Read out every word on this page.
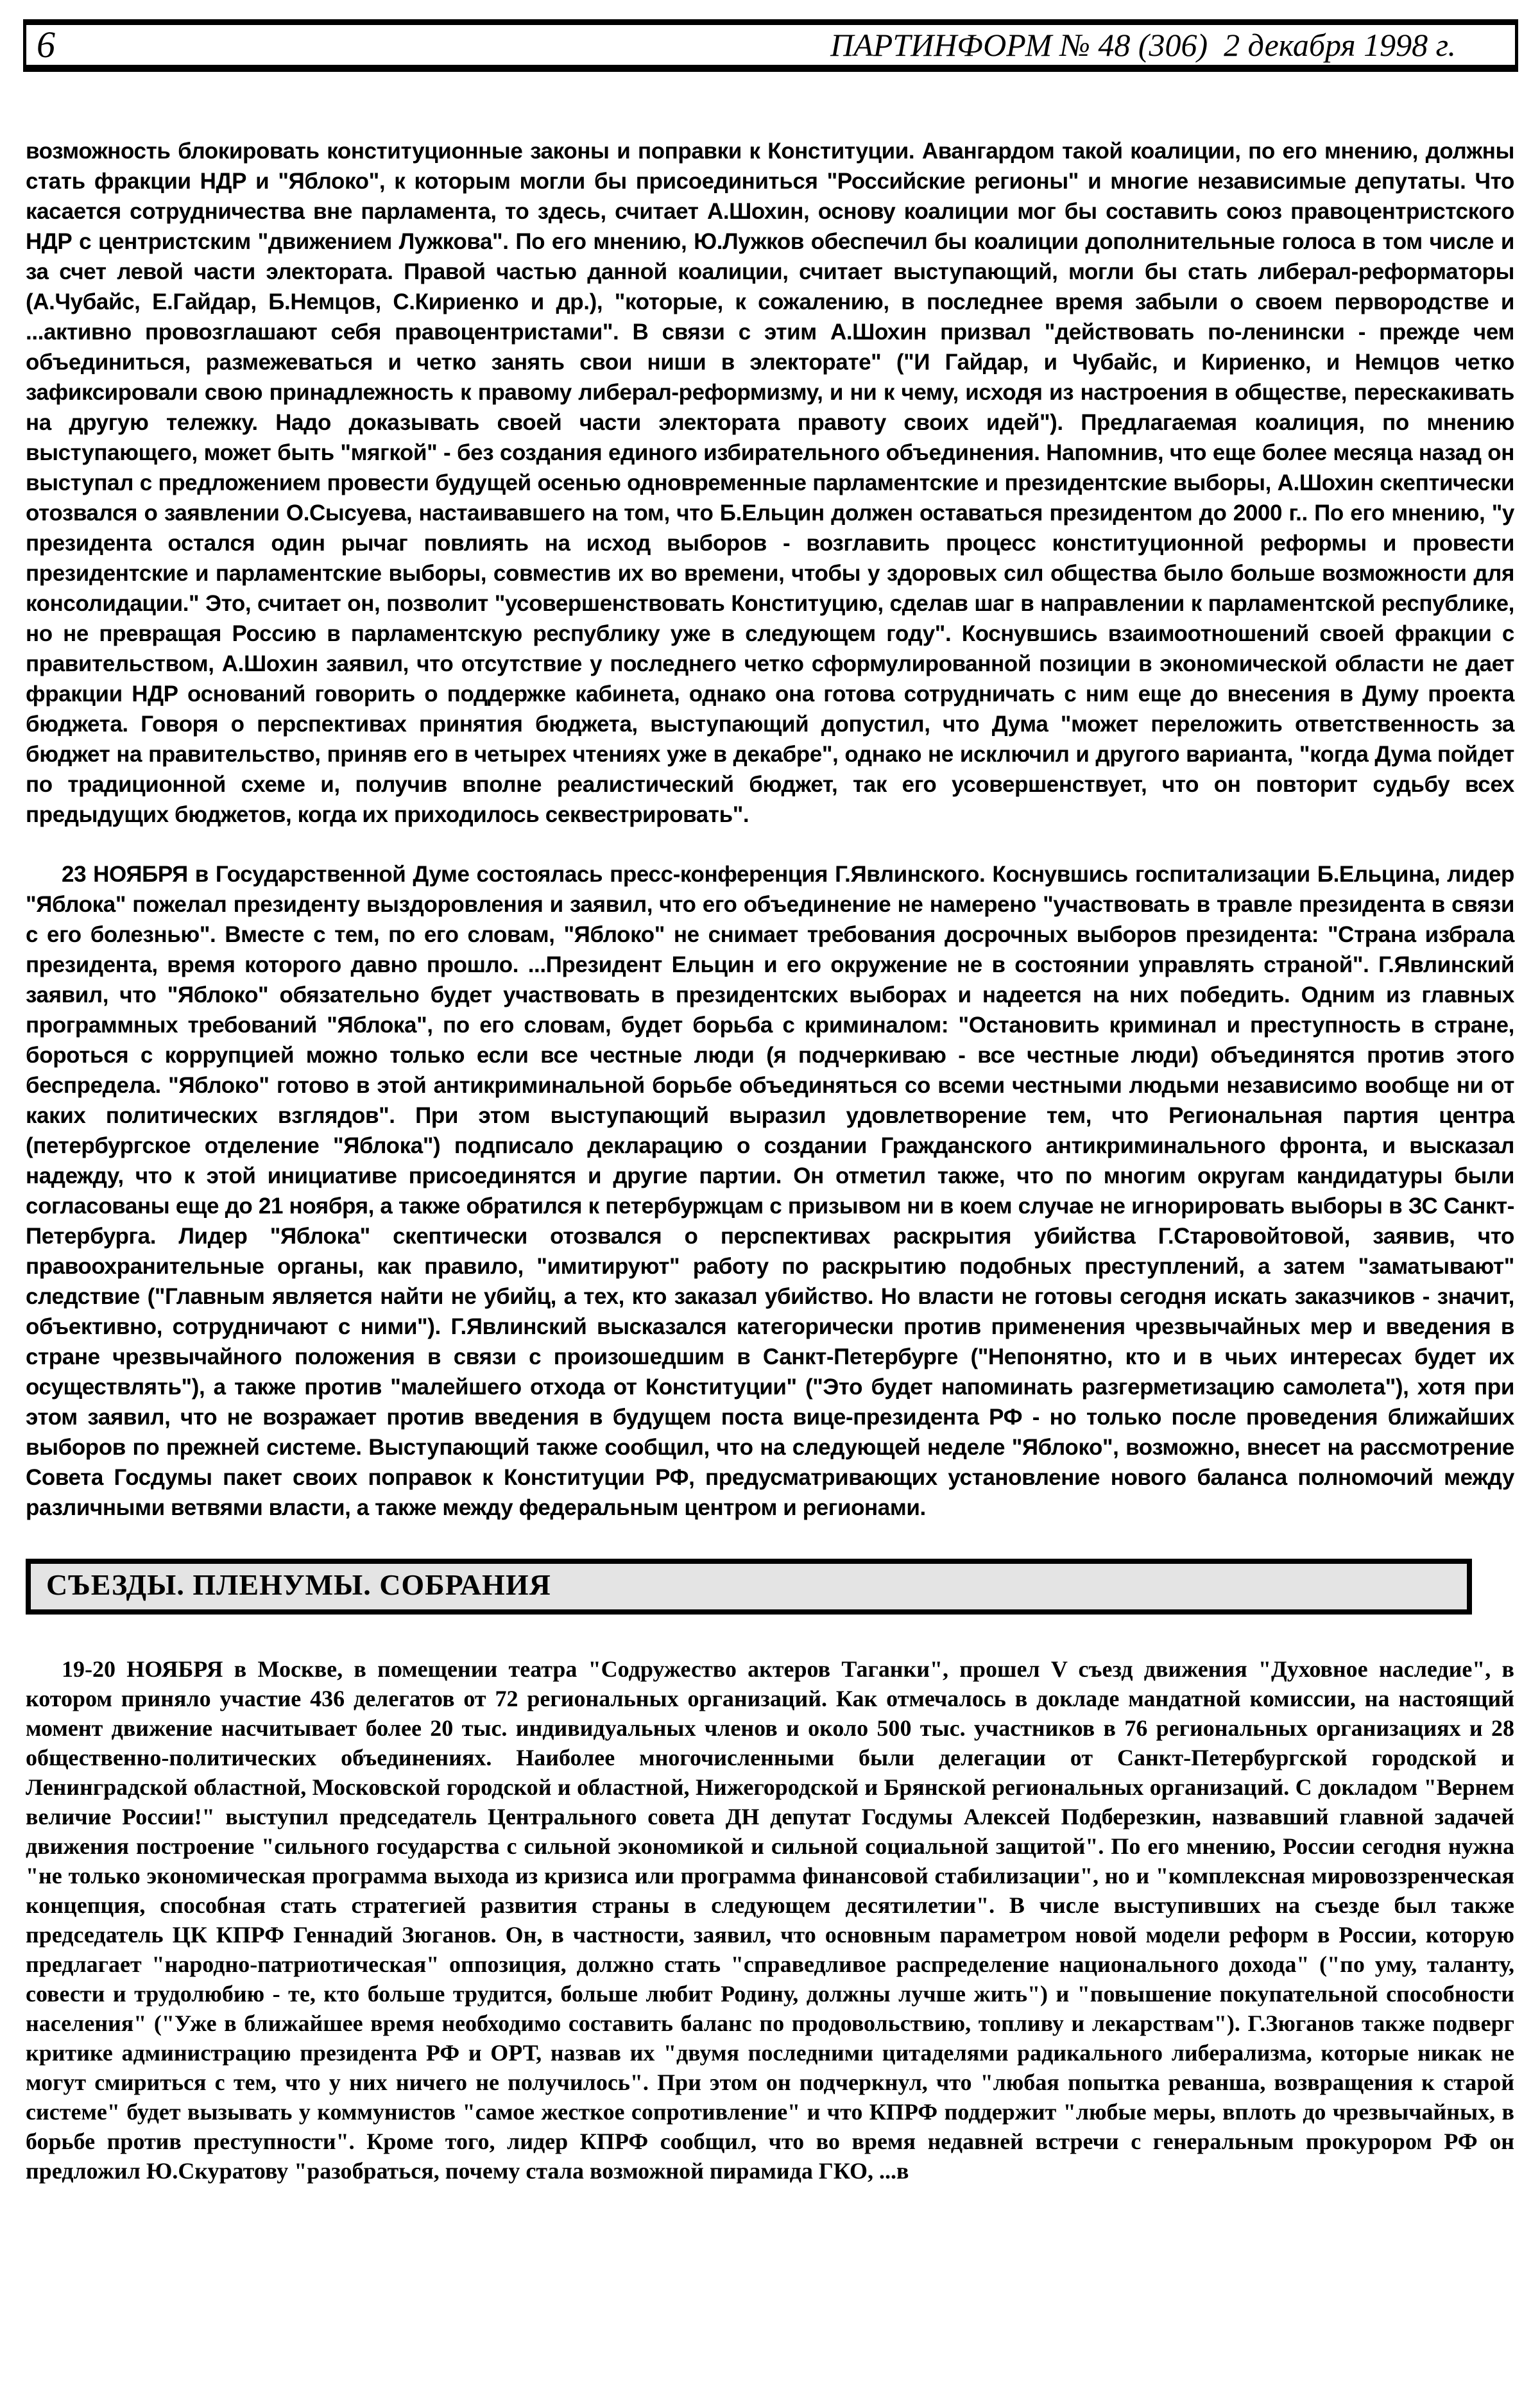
6	ПАРТИНФОРМ № 48 (306)  2 декабря 1998 г.

возможность блокировать конституционные законы и поправки к Конституции. Авангардом такой коалиции, по его мнению, должны стать фракции НДР и "Яблоко", к которым могли бы присоединиться "Российские регионы" и многие независимые депутаты. Что касается сотрудничества вне парламента, то здесь, считает А.Шохин, основу коалиции мог бы составить союз правоцентристского НДР с центристским "движением Лужкова". По его мнению, Ю.Лужков обеспечил бы коалиции дополнительные голоса в том числе и за счет левой части электората. Правой частью данной коалиции, считает выступающий, могли бы стать либерал-реформаторы (А.Чубайс, Е.Гайдар, Б.Немцов, С.Кириенко и др.), "которые, к сожалению, в последнее время забыли о своем первородстве и ...активно провозглашают себя правоцентристами". В связи с этим А.Шохин призвал "действовать по-ленински - прежде чем объединиться, размежеваться и четко занять свои ниши в электорате" ("И Гайдар, и Чубайс, и Кириенко, и Немцов четко зафиксировали свою принадлежность к правому либерал-реформизму, и ни к чему, исходя из настроения в обществе, перескакивать на другую тележку. Надо доказывать своей части электората правоту своих идей"). Предлагаемая коалиция, по мнению выступающего, может быть "мягкой" - без создания единого избирательного объединения. Напомнив, что еще более месяца назад он выступал с предложением провести будущей осенью одновременные парламентские и президентские выборы, А.Шохин скептически отозвался о заявлении О.Сысуева, настаивавшего на том, что Б.Ельцин должен оставаться президентом до 2000 г.. По его мнению, "у президента остался один рычаг повлиять на исход выборов - возглавить процесс конституционной реформы и провести президентские и парламентские выборы, совместив их во времени, чтобы у здоровых сил общества было больше возможности для консолидации." Это, считает он, позволит "усовершенствовать Конституцию, сделав шаг в направлении к парламентской республике, но не превращая Россию в парламентскую республику уже в следующем году". Коснувшись взаимоотношений своей фракции с правительством, А.Шохин заявил, что отсутствие у последнего четко сформулированной позиции в экономической области не дает фракции НДР оснований говорить о поддержке кабинета, однако она готова сотрудничать с ним еще до внесения в Думу проекта бюджета. Говоря о перспективах принятия бюджета, выступающий допустил, что Дума "может переложить ответственность за бюджет на правительство, приняв его в четырех чтениях уже в декабре", однако не исключил и другого варианта, "когда Дума пойдет по традиционной схеме и, получив вполне реалистический бюджет, так его усовершенствует, что он повторит судьбу всех предыдущих бюджетов, когда их приходилось секвестрировать".

23 НОЯБРЯ в Государственной Думе состоялась пресс-конференция Г.Явлинского. Коснувшись госпитализации Б.Ельцина, лидер "Яблока" пожелал президенту выздоровления и заявил, что его объединение не намерено "участвовать в травле президента в связи с его болезнью". Вместе с тем, по его словам, "Яблоко" не снимает требования досрочных выборов президента: "Страна избрала президента, время которого давно прошло. ...Президент Ельцин и его окружение не в состоянии управлять страной". Г.Явлинский заявил, что "Яблоко" обязательно будет участвовать в президентских выборах и надеется на них победить. Одним из главных программных требований "Яблока", по его словам, будет борьба с криминалом: "Остановить криминал и преступность в стране, бороться с коррупцией можно только если все честные люди (я подчеркиваю - все честные люди) объединятся против этого беспредела. "Яблоко" готово в этой антикриминальной борьбе объединяться со всеми честными людьми независимо вообще ни от каких политических взглядов". При этом выступающий выразил удовлетворение тем, что Региональная партия центра (петербургское отделение "Яблока") подписало декларацию о создании Гражданского антикриминального фронта, и высказал надежду, что к этой инициативе присоединятся и другие партии. Он отметил также, что по многим округам кандидатуры были согласованы еще до 21 ноября, а также обратился к петербуржцам с призывом ни в коем случае не игнорировать выборы в ЗС Санкт-Петербурга. Лидер "Яблока" скептически отозвался о перспективах раскрытия убийства Г.Старовойтовой, заявив, что правоохранительные органы, как правило, "имитируют" работу по раскрытию подобных преступлений, а затем "заматывают" следствие ("Главным является найти не убийц, а тех, кто заказал убийство. Но власти не готовы сегодня искать заказчиков - значит, объективно, сотрудничают с ними"). Г.Явлинский высказался категорически против применения чрезвычайных мер и введения в стране чрезвычайного положения в связи с произошедшим в Санкт-Петербурге ("Непонятно, кто и в чьих интересах будет их осуществлять"), а также против "малейшего отхода от Конституции" ("Это будет напоминать разгерметизацию самолета"), хотя при этом заявил, что не возражает против введения в будущем поста вице-президента РФ - но только после проведения ближайших выборов по прежней системе. Выступающий также сообщил, что на следующей неделе "Яблоко", возможно, внесет на рассмотрение Совета Госдумы пакет своих поправок к Конституции РФ, предусматривающих установление нового баланса полномочий между различными ветвями власти, а также между федеральным центром и регионами.

СЪЕЗДЫ. ПЛЕНУМЫ. СОБРАНИЯ

19-20 НОЯБРЯ в Москве, в помещении театра "Содружество актеров Таганки", прошел V съезд движения "Духовное наследие", в котором приняло участие 436 делегатов от 72 региональных организаций. Как отмечалось в докладе мандатной комиссии, на настоящий момент движение насчитывает более 20 тыс. индивидуальных членов и около 500 тыс. участников в 76 региональных организациях и 28 общественно-политических объединениях. Наиболее многочисленными были делегации от Санкт-Петербургской городской и Ленинградской областной, Московской городской и областной, Нижегородской и Брянской региональных организаций. С докладом "Вернем величие России!" выступил председатель Центрального совета ДН депутат Госдумы Алексей Подберезкин, назвавший главной задачей движения построение "сильного государства с сильной экономикой и сильной социальной защитой". По его мнению, России сегодня нужна "не только экономическая программа выхода из кризиса или программа финансовой стабилизации", но и "комплексная мировоззренческая концепция, способная стать стратегией развития страны в следующем десятилетии". В числе выступивших на съезде был также председатель ЦК КПРФ Геннадий Зюганов. Он, в частности, заявил, что основным параметром новой модели реформ в России, которую предлагает "народно-патриотическая" оппозиция, должно стать "справедливое распределение национального дохода" ("по уму, таланту, совести и трудолюбию - те, кто больше трудится, больше любит Родину, должны лучше жить") и "повышение покупательной способности населения" ("Уже в ближайшее время необходимо составить баланс по продовольствию, топливу и лекарствам"). Г.Зюганов также подверг критике администрацию президента РФ и ОРТ, назвав их "двумя последними цитаделями радикального либерализма, которые никак не могут смириться с тем, что у них ничего не получилось". При этом он подчеркнул, что "любая попытка реванша, возвращения к старой системе" будет вызывать у коммунистов "самое жесткое сопротивление" и что КПРФ поддержит "любые меры, вплоть до чрезвычайных, в борьбе против преступности". Кроме того, лидер КПРФ сообщил, что во время недавней встречи с генеральным прокурором РФ он предложил Ю.Скуратову "разобраться, почему стала возможной пирамида ГКО, ...в
